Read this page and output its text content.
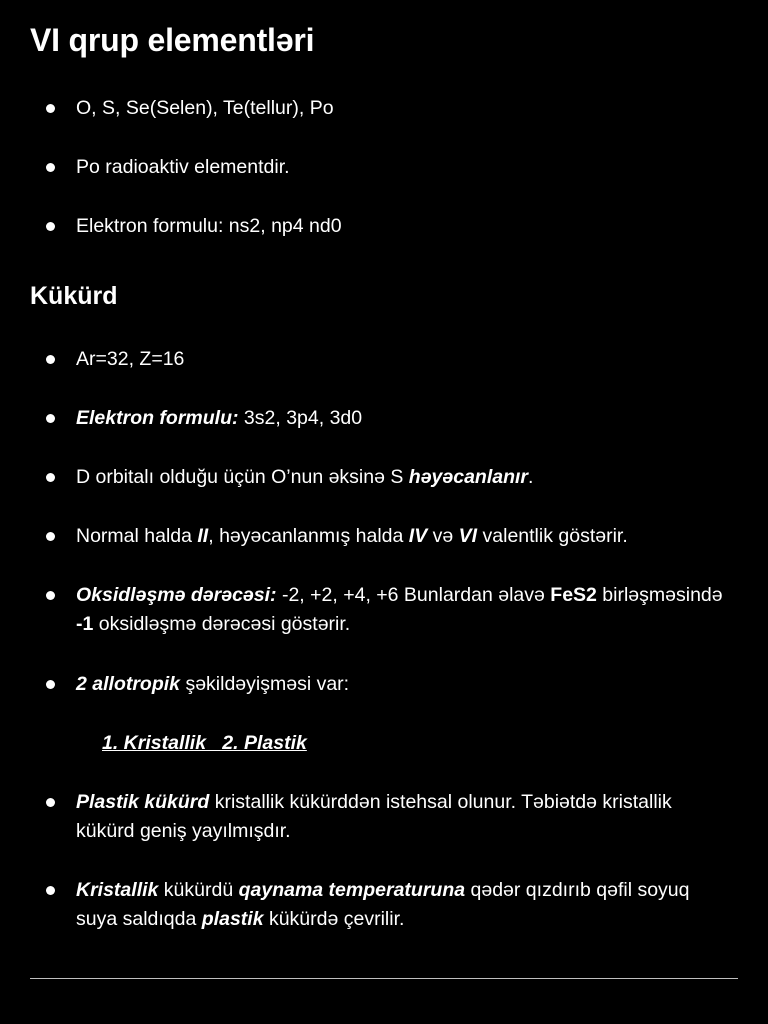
VI qrup elementləri
O, S, Se(Selen), Te(tellur), Po
Po radioaktiv elementdir.
Elektron formulu: ns2, np4 nd0
Kükürd
Ar=32, Z=16
Elektron formulu: 3s2, 3p4, 3d0
D orbitalı olduğu üçün O’nun əksinə S həyəcanlanır.
Normal halda II, həyəcanlanmış halda IV və VI valentlik göstərir.
Oksidləşmə dərəcəsi: -2, +2, +4, +6 Bunlardan əlavə FeS2 birləşməsində -1 oksidləşmə dərəcəsi göstərir.
2 allotropik şəkildəyişməsi var:
1. Kristallik   2. Plastik
Plastik kükürd kristallik kükürddən istehsal olunur. Təbiətdə kristallik kükürd geniş yayılmışdır.
Kristallik kükürdü qaynama temperaturuna qədər qızdırıb qəfil soyuq suya saldıqda plastik kükürdə çevrilir.
